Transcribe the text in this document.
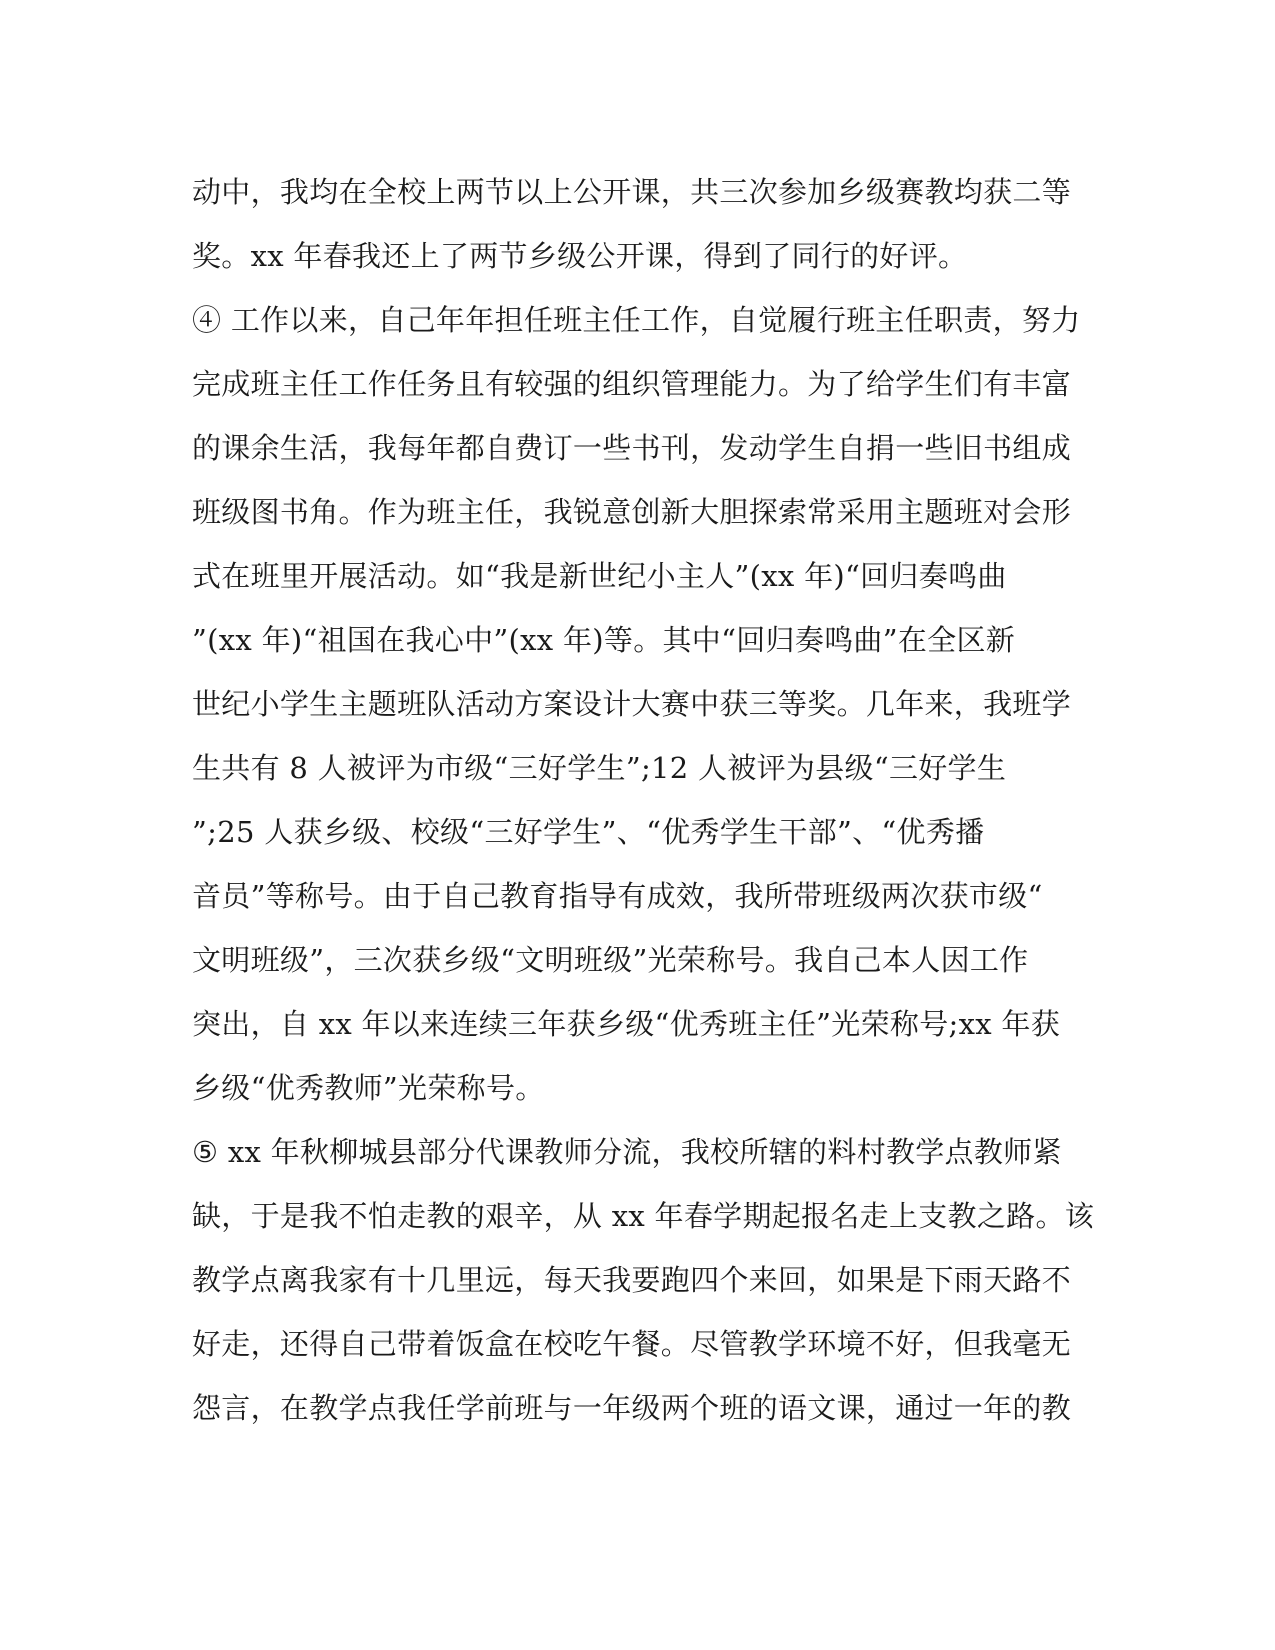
动中，我均在全校上两节以上公开课，共三次参加乡级赛教均获二等
奖。xx 年春我还上了两节乡级公开课，得到了同行的好评。
④ 工作以来，自己年年担任班主任工作，自觉履行班主任职责，努力
完成班主任工作任务且有较强的组织管理能力。为了给学生们有丰富
的课余生活，我每年都自费订一些书刊，发动学生自捐一些旧书组成
班级图书角。作为班主任，我锐意创新大胆探索常采用主题班对会形
式在班里开展活动。如“我是新世纪小主人”(xx 年)“回归奏鸣曲
”(xx 年)“祖国在我心中”(xx 年)等。其中“回归奏鸣曲”在全区新
世纪小学生主题班队活动方案设计大赛中获三等奖。几年来，我班学
生共有 8 人被评为市级“三好学生”;12 人被评为县级“三好学生
”;25 人获乡级、校级“三好学生”、“优秀学生干部”、“优秀播
音员”等称号。由于自己教育指导有成效，我所带班级两次获市级“
文明班级”，三次获乡级“文明班级”光荣称号。我自己本人因工作
突出，自 xx 年以来连续三年获乡级“优秀班主任”光荣称号;xx 年获
乡级“优秀教师”光荣称号。
⑤ xx 年秋柳城县部分代课教师分流，我校所辖的料村教学点教师紧
缺，于是我不怕走教的艰辛，从 xx 年春学期起报名走上支教之路。该
教学点离我家有十几里远，每天我要跑四个来回，如果是下雨天路不
好走，还得自己带着饭盒在校吃午餐。尽管教学环境不好，但我毫无
怨言，在教学点我任学前班与一年级两个班的语文课，通过一年的教
